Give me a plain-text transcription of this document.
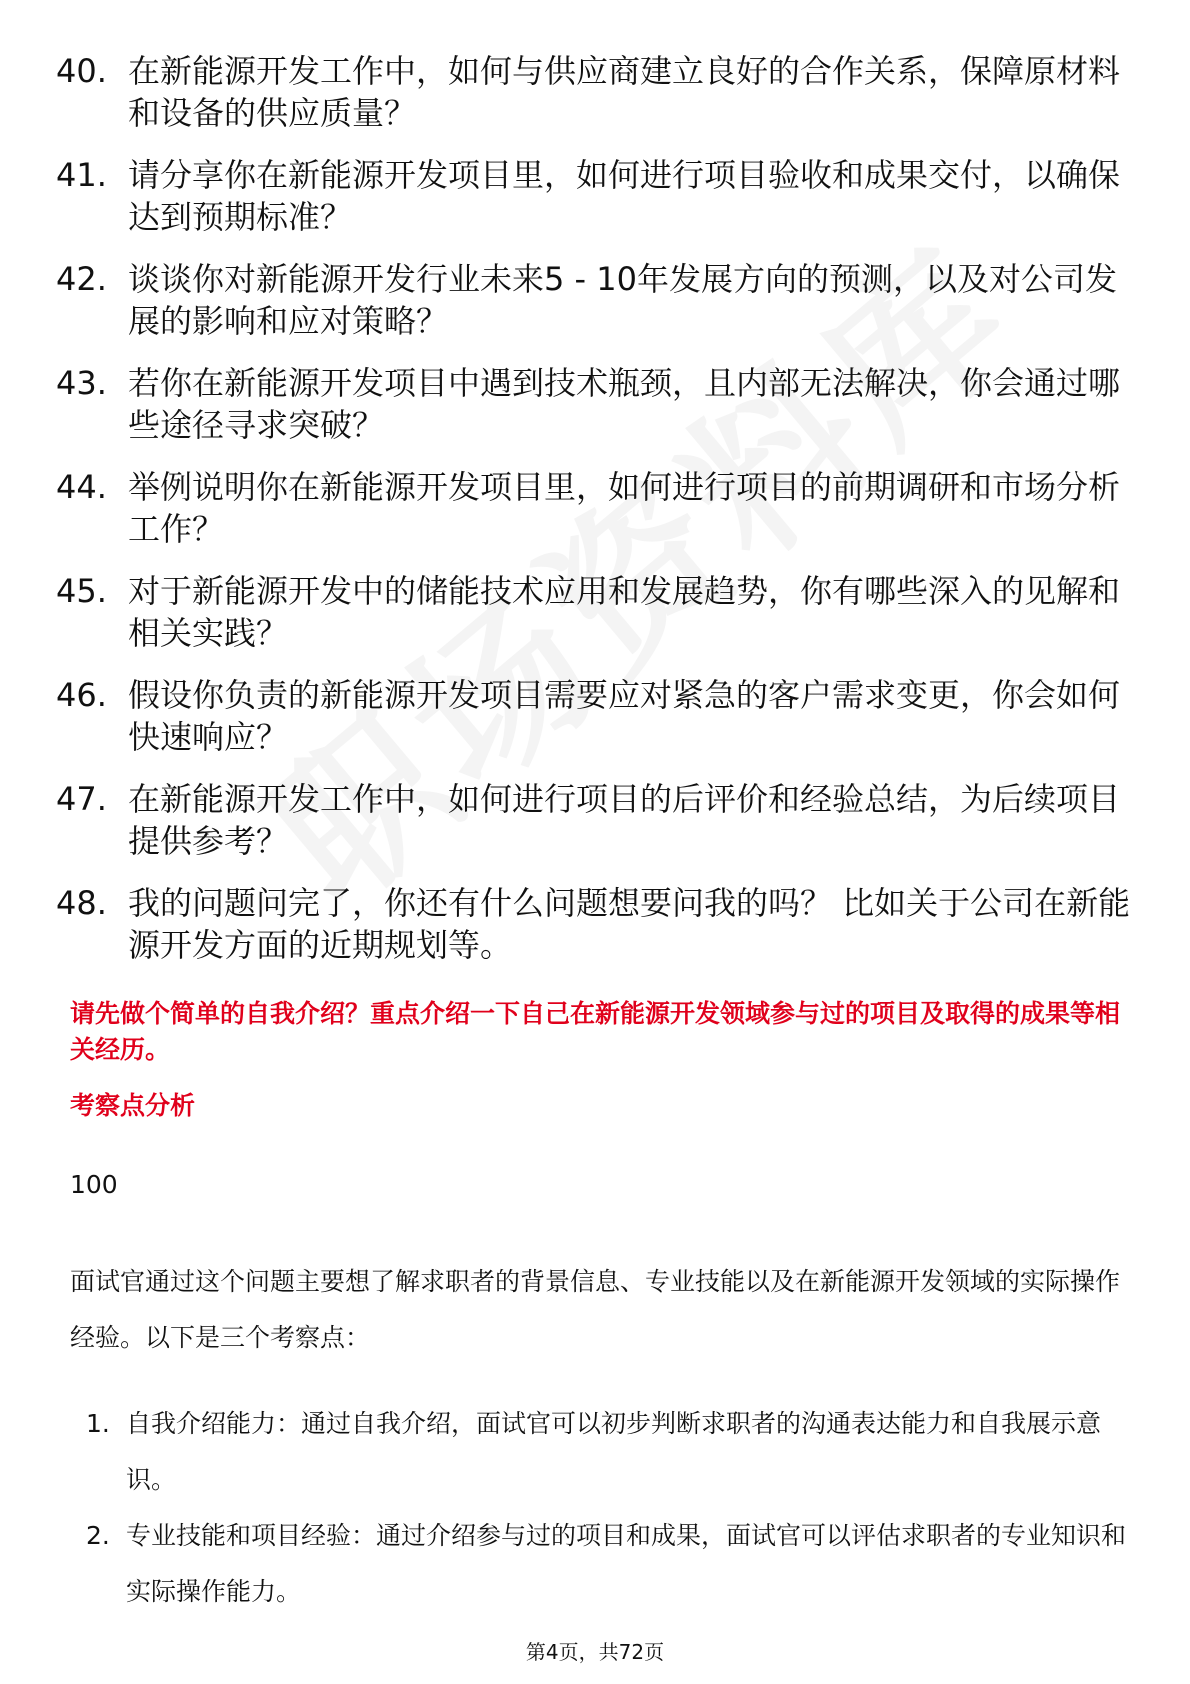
40. 在新能源开发工作中，如何与供应商建立良好的合作关系，保障原材料和设备的供应质量？
41. 请分享你在新能源开发项目里，如何进行项目验收和成果交付，以确保达到预期标准？
42. 谈谈你对新能源开发行业未来5 - 10年发展方向的预测，以及对公司发展的影响和应对策略？
43. 若你在新能源开发项目中遇到技术瓶颈，且内部无法解决，你会通过哪些途径寻求突破？
44. 举例说明你在新能源开发项目里，如何进行项目的前期调研和市场分析工作？
45. 对于新能源开发中的储能技术应用和发展趋势，你有哪些深入的见解和相关实践？
46. 假设你负责的新能源开发项目需要应对紧急的客户需求变更，你会如何快速响应？
47. 在新能源开发工作中，如何进行项目的后评价和经验总结，为后续项目提供参考？
48. 我的问题问完了，你还有什么问题想要问我的吗？ 比如关于公司在新能源开发方面的近期规划等。
请先做个简单的自我介绍？重点介绍一下自己在新能源开发领域参与过的项目及取得的成果等相关经历。
考察点分析
100
面试官通过这个问题主要想了解求职者的背景信息、专业技能以及在新能源开发领域的实际操作经验。以下是三个考察点：
1. 自我介绍能力：通过自我介绍，面试官可以初步判断求职者的沟通表达能力和自我展示意识。
2. 专业技能和项目经验：通过介绍参与过的项目和成果，面试官可以评估求职者的专业知识和实际操作能力。
第4页，共72页
